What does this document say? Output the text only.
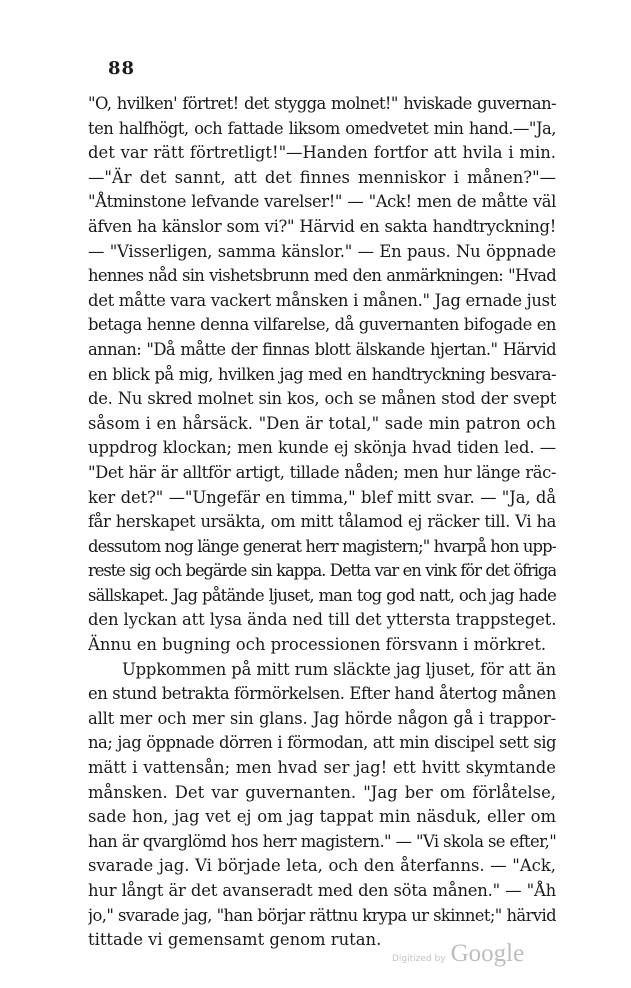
88
"O, hvilken' förtret! det stygga molnet!" hviskade guvernan-
ten halfhögt, och fattade liksom omedvetet min hand.—"Ja,
det var rätt förtretligt!"—Handen fortfor att hvila i min.
—"Är det sannt, att det finnes menniskor i månen?"—
"Åtminstone lefvande varelser!" — "Ack! men de måtte väl
äfven ha känslor som vi?" Härvid en sakta handtryckning!
— "Visserligen, samma känslor." — En paus. Nu öppnade
hennes nåd sin vishetsbrunn med den anmärkningen: "Hvad
det måtte vara vackert månsken i månen." Jag ernade just
betaga henne denna vilfarelse, då guvernanten bifogade en
annan: "Då måtte der finnas blott älskande hjertan." Härvid
en blick på mig, hvilken jag med en handtryckning besvara-
de. Nu skred molnet sin kos, och se månen stod der svept
såsom i en hårsäck. "Den är total," sade min patron och
uppdrog klockan; men kunde ej skönja hvad tiden led. —
"Det här är alltför artigt, tillade nåden; men hur länge räc-
ker det?" —"Ungefär en timma," blef mitt svar. — "Ja, då
får herskapet ursäkta, om mitt tålamod ej räcker till. Vi ha
dessutom nog länge generat herr magistern;" hvarpå hon upp-
reste sig och begärde sin kappa. Detta var en vink för det öfriga
sällskapet. Jag påtände ljuset, man tog god natt, och jag hade
den lyckan att lysa ända ned till det yttersta trappsteget.
Ännu en bugning och processionen försvann i mörkret.
Uppkommen på mitt rum släckte jag ljuset, för att än
en stund betrakta förmörkelsen. Efter hand återtog månen
allt mer och mer sin glans. Jag hörde någon gå i trappor-
na; jag öppnade dörren i förmodan, att min discipel sett sig
mätt i vattensån; men hvad ser jag! ett hvitt skymtande
månsken. Det var guvernanten. "Jag ber om förlåtelse,
sade hon, jag vet ej om jag tappat min näsduk, eller om
han är qvarglömd hos herr magistern." — "Vi skola se efter,"
svarade jag. Vi började leta, och den återfanns. — "Ack,
hur långt är det avanseradt med den söta månen." — "Åh
jo," svarade jag, "han börjar rättnu krypa ur skinnet;" härvid
tittade vi gemensamt genom rutan.
Digitized by Google
